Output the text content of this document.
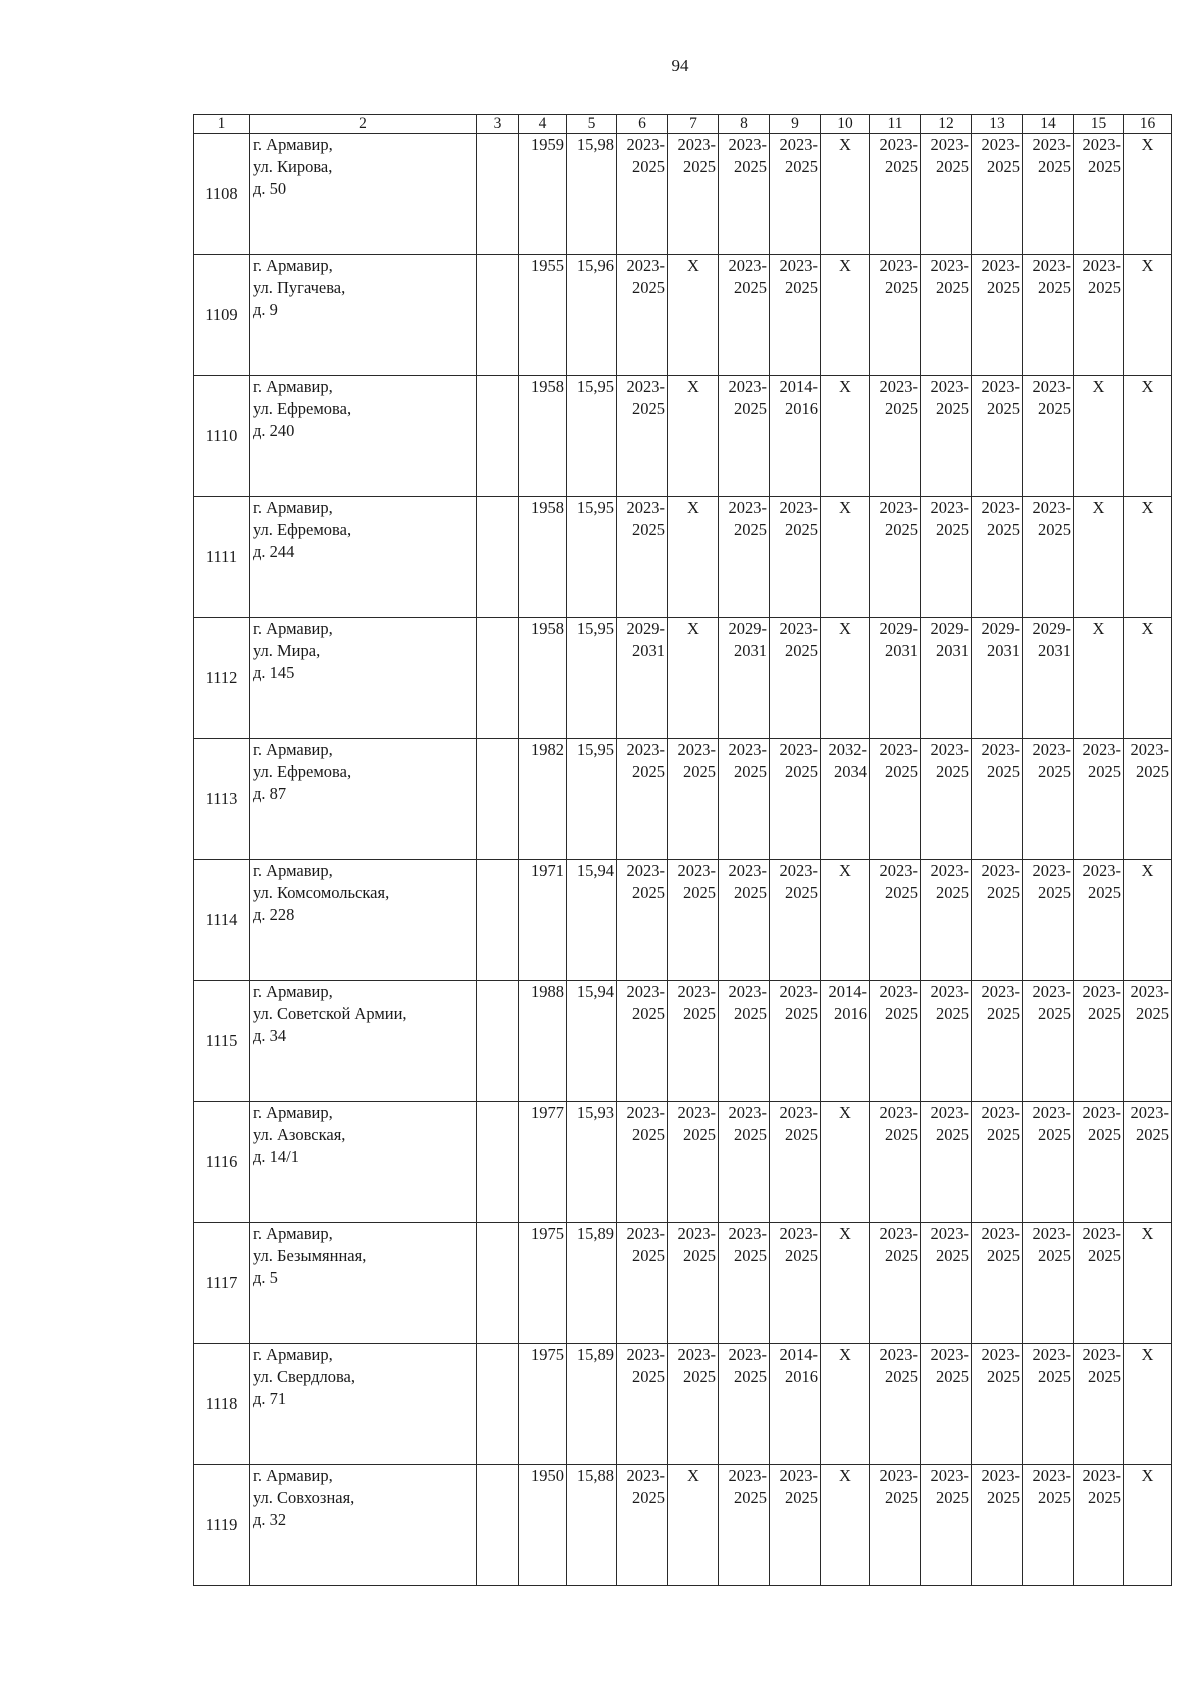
94
1	2	3	4	5	6	7	8	9	10	11	12	13	14	15	16
1108	г. Армавир,
ул. Кирова,
д. 50		1959	15,98	2023-
2025	2023-
2025	2023-
2025	2023-
2025	X	2023-
2025	2023-
2025	2023-
2025	2023-
2025	2023-
2025	X
1109	г. Армавир,
ул. Пугачева,
д. 9		1955	15,96	2023-
2025	X	2023-
2025	2023-
2025	X	2023-
2025	2023-
2025	2023-
2025	2023-
2025	2023-
2025	X
1110	г. Армавир,
ул. Ефремова,
д. 240		1958	15,95	2023-
2025	X	2023-
2025	2014-
2016	X	2023-
2025	2023-
2025	2023-
2025	2023-
2025	X	X
1111	г. Армавир,
ул. Ефремова,
д. 244		1958	15,95	2023-
2025	X	2023-
2025	2023-
2025	X	2023-
2025	2023-
2025	2023-
2025	2023-
2025	X	X
1112	г. Армавир,
ул. Мира,
д. 145		1958	15,95	2029-
2031	X	2029-
2031	2023-
2025	X	2029-
2031	2029-
2031	2029-
2031	2029-
2031	X	X
1113	г. Армавир,
ул. Ефремова,
д. 87		1982	15,95	2023-
2025	2023-
2025	2023-
2025	2023-
2025	2032-
2034	2023-
2025	2023-
2025	2023-
2025	2023-
2025	2023-
2025	2023-
2025

1114	г. Армавир,
ул. Комсомольская,
д. 228		1971	15,94	2023-
2025	2023-
2025	2023-
2025	2023-
2025	X	2023-
2025	2023-
2025	2023-
2025	2023-
2025	2023-
2025	X
1115	г. Армавир,
ул. Советской Армии,
д. 34		1988	15,94	2023-
2025	2023-
2025	2023-
2025	2023-
2025	2014-
2016	2023-
2025	2023-
2025	2023-
2025	2023-
2025	2023-
2025	2023-
2025

1116	г. Армавир,
ул. Азовская,
д. 14/1		1977	15,93	2023-
2025	2023-
2025	2023-
2025	2023-
2025	X	2023-
2025	2023-
2025	2023-
2025	2023-
2025	2023-
2025	2023-
2025

1117	г. Армавир,
ул. Безымянная,
д. 5		1975	15,89	2023-
2025	2023-
2025	2023-
2025	2023-
2025	X	2023-
2025	2023-
2025	2023-
2025	2023-
2025	2023-
2025	X
1118	г. Армавир,
ул. Свердлова,
д. 71		1975	15,89	2023-
2025	2023-
2025	2023-
2025	2014-
2016	X	2023-
2025	2023-
2025	2023-
2025	2023-
2025	2023-
2025	X
1119	г. Армавир,
ул. Совхозная,
д. 32		1950	15,88	2023-
2025	X	2023-
2025	2023-
2025	X	2023-
2025	2023-
2025	2023-
2025	2023-
2025	2023-
2025	X
